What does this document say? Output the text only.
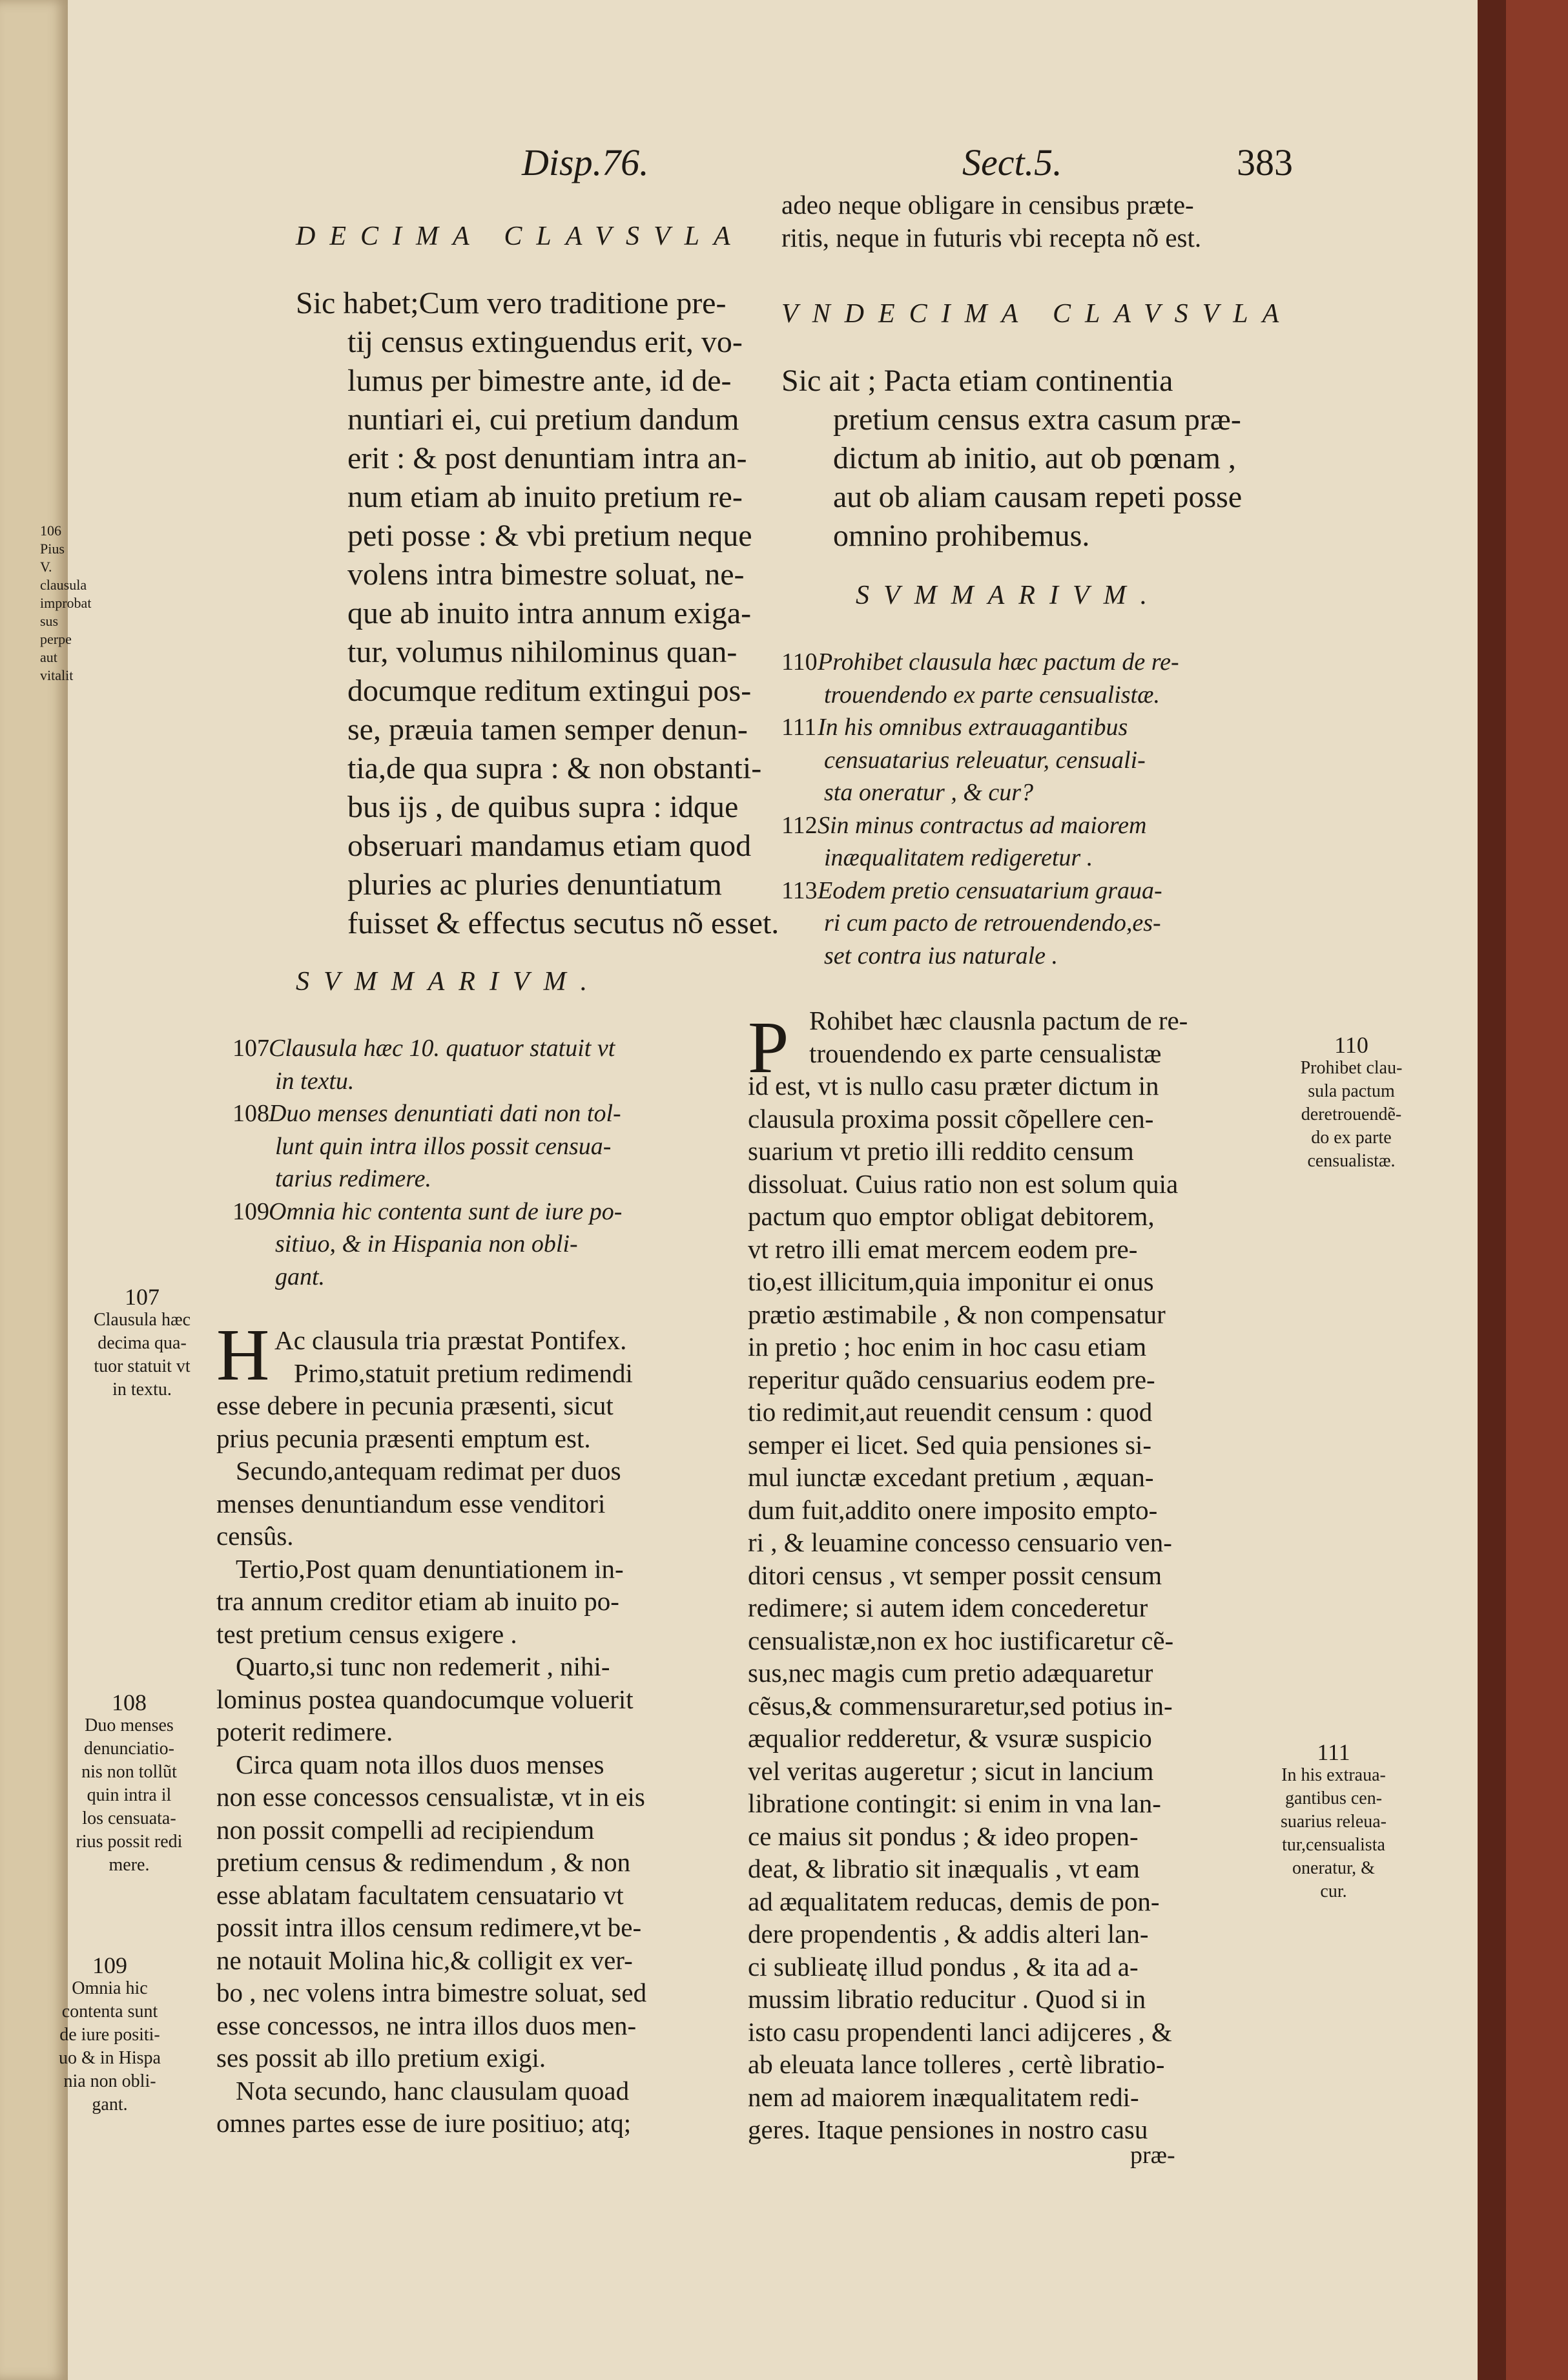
106
Pius V.
clausula
improbat
sus perpe
aut vitalit
Disp.76.	Sect.5.	383
DECIMA CLAVSVLA
Sic habet;Cum vero traditione pre-
tij census extinguendus erit, vo-
lumus per bimestre ante, id de-
nuntiari ei, cui pretium dandum
erit : & post denuntiam intra an-
num etiam ab inuito pretium re-
peti posse : & vbi pretium neque
volens intra bimestre soluat, ne-
que ab inuito intra annum exiga-
tur, volumus nihilominus quan-
documque reditum extingui pos-
se, præuia tamen semper denun-
tia,de qua supra : & non obstanti-
bus ijs , de quibus supra : idque
obseruari mandamus etiam quod
pluries ac pluries denuntiatum
fuisset & effectus secutus nõ esset.
SVMMARIVM.
107Clausula hæc 10. quatuor statuit vt
in textu.
108Duo menses denuntiati dati non tol-
lunt quin intra illos possit censua-
tarius redimere.
109Omnia hic contenta sunt de iure po-
sitiuo, & in Hispania non obli-
gant.
H Ac clausula tria præstat Pontifex.
Primo,statuit pretium redimendi
esse debere in pecunia præsenti, sicut
prius pecunia præsenti emptum est.
Secundo,antequam redimat per duos
menses denuntiandum esse venditori
censûs.
Tertio,Post quam denuntiationem in-
tra annum creditor etiam ab inuito po-
test pretium census exigere .
Quarto,si tunc non redemerit , nihi-
lominus postea quandocumque voluerit
poterit redimere.
Circa quam nota illos duos menses
non esse concessos censualistæ, vt in eis
non possit compelli ad recipiendum
pretium census & redimendum , & non
esse ablatam facultatem censuatario vt
possit intra illos censum redimere,vt be-
ne notauit Molina hic,& colligit ex ver-
bo , nec volens intra bimestre soluat, sed
esse concessos, ne intra illos duos men-
ses possit ab illo pretium exigi.
Nota secundo, hanc clausulam quoad
omnes partes esse de iure positiuo; atq;
107
Clausula hæc
decima qua-
tuor statuit vt
in textu.
108
Duo menses
denunciatio-
nis non tollũt
quin intra il
los censuata-
rius possit redi
mere.
109
Omnia hic
contenta sunt
de iure positi-
uo & in Hispa
nia non obli-
gant.
adeo neque obligare in censibus præte-
ritis, neque in futuris vbi recepta nõ est.
VNDECIMA CLAVSVLA
Sic ait ; Pacta etiam continentia
pretium census extra casum præ-
dictum ab initio, aut ob pœnam ,
aut ob aliam causam repeti posse
omnino prohibemus.
SVMMARIVM.
110Prohibet clausula hæc pactum de re-
trouendendo ex parte censualistæ.
111In his omnibus extrauagantibus
censuatarius releuatur, censuali-
sta oneratur , & cur?
112Sin minus contractus ad maiorem
inæqualitatem redigeretur .
113Eodem pretio censuatarium graua-
ri cum pacto de retrouendendo,es-
set contra ius naturale .
P Rohibet hæc clausnla pactum de re-
trouendendo ex parte censualistæ
id est, vt is nullo casu præter dictum in
clausula proxima possit cõpellere cen-
suarium vt pretio illi reddito censum
dissoluat. Cuius ratio non est solum quia
pactum quo emptor obligat debitorem,
vt retro illi emat mercem eodem pre-
tio,est illicitum,quia imponitur ei onus
prætio æstimabile , & non compensatur
in pretio ; hoc enim in hoc casu etiam
reperitur quãdo censuarius eodem pre-
tio redimit,aut reuendit censum : quod
semper ei licet. Sed quia pensiones si-
mul iunctæ excedant pretium , æquan-
dum fuit,addito onere imposito empto-
ri , & leuamine concesso censuario ven-
ditori census , vt semper possit censum
redimere; si autem idem concederetur
censualistæ,non ex hoc iustificaretur cẽ-
sus,nec magis cum pretio adæquaretur
cẽsus,& commensuraretur,sed potius in-
æqualior redderetur, & vsuræ suspicio
vel veritas augeretur ; sicut in lancium
libratione contingit: si enim in vna lan-
ce maius sit pondus ; & ideo propen-
deat, & libratio sit inæqualis , vt eam
ad æqualitatem reducas, demis de pon-
dere propendentis , & addis alteri lan-
ci sublieatę illud pondus , & ita ad a-
mussim libratio reducitur . Quod si in
isto casu propendenti lanci adijceres , &
ab eleuata lance tolleres , certè libratio-
nem ad maiorem inæqualitatem redi-
geres. Itaque pensiones in nostro casu
præ-
110
Prohibet clau-
sula pactum
deretrouendẽ-
do ex parte
censualistæ.
111
In his extraua-
gantibus cen-
suarius releua-
tur,censualista
oneratur, &
cur.
